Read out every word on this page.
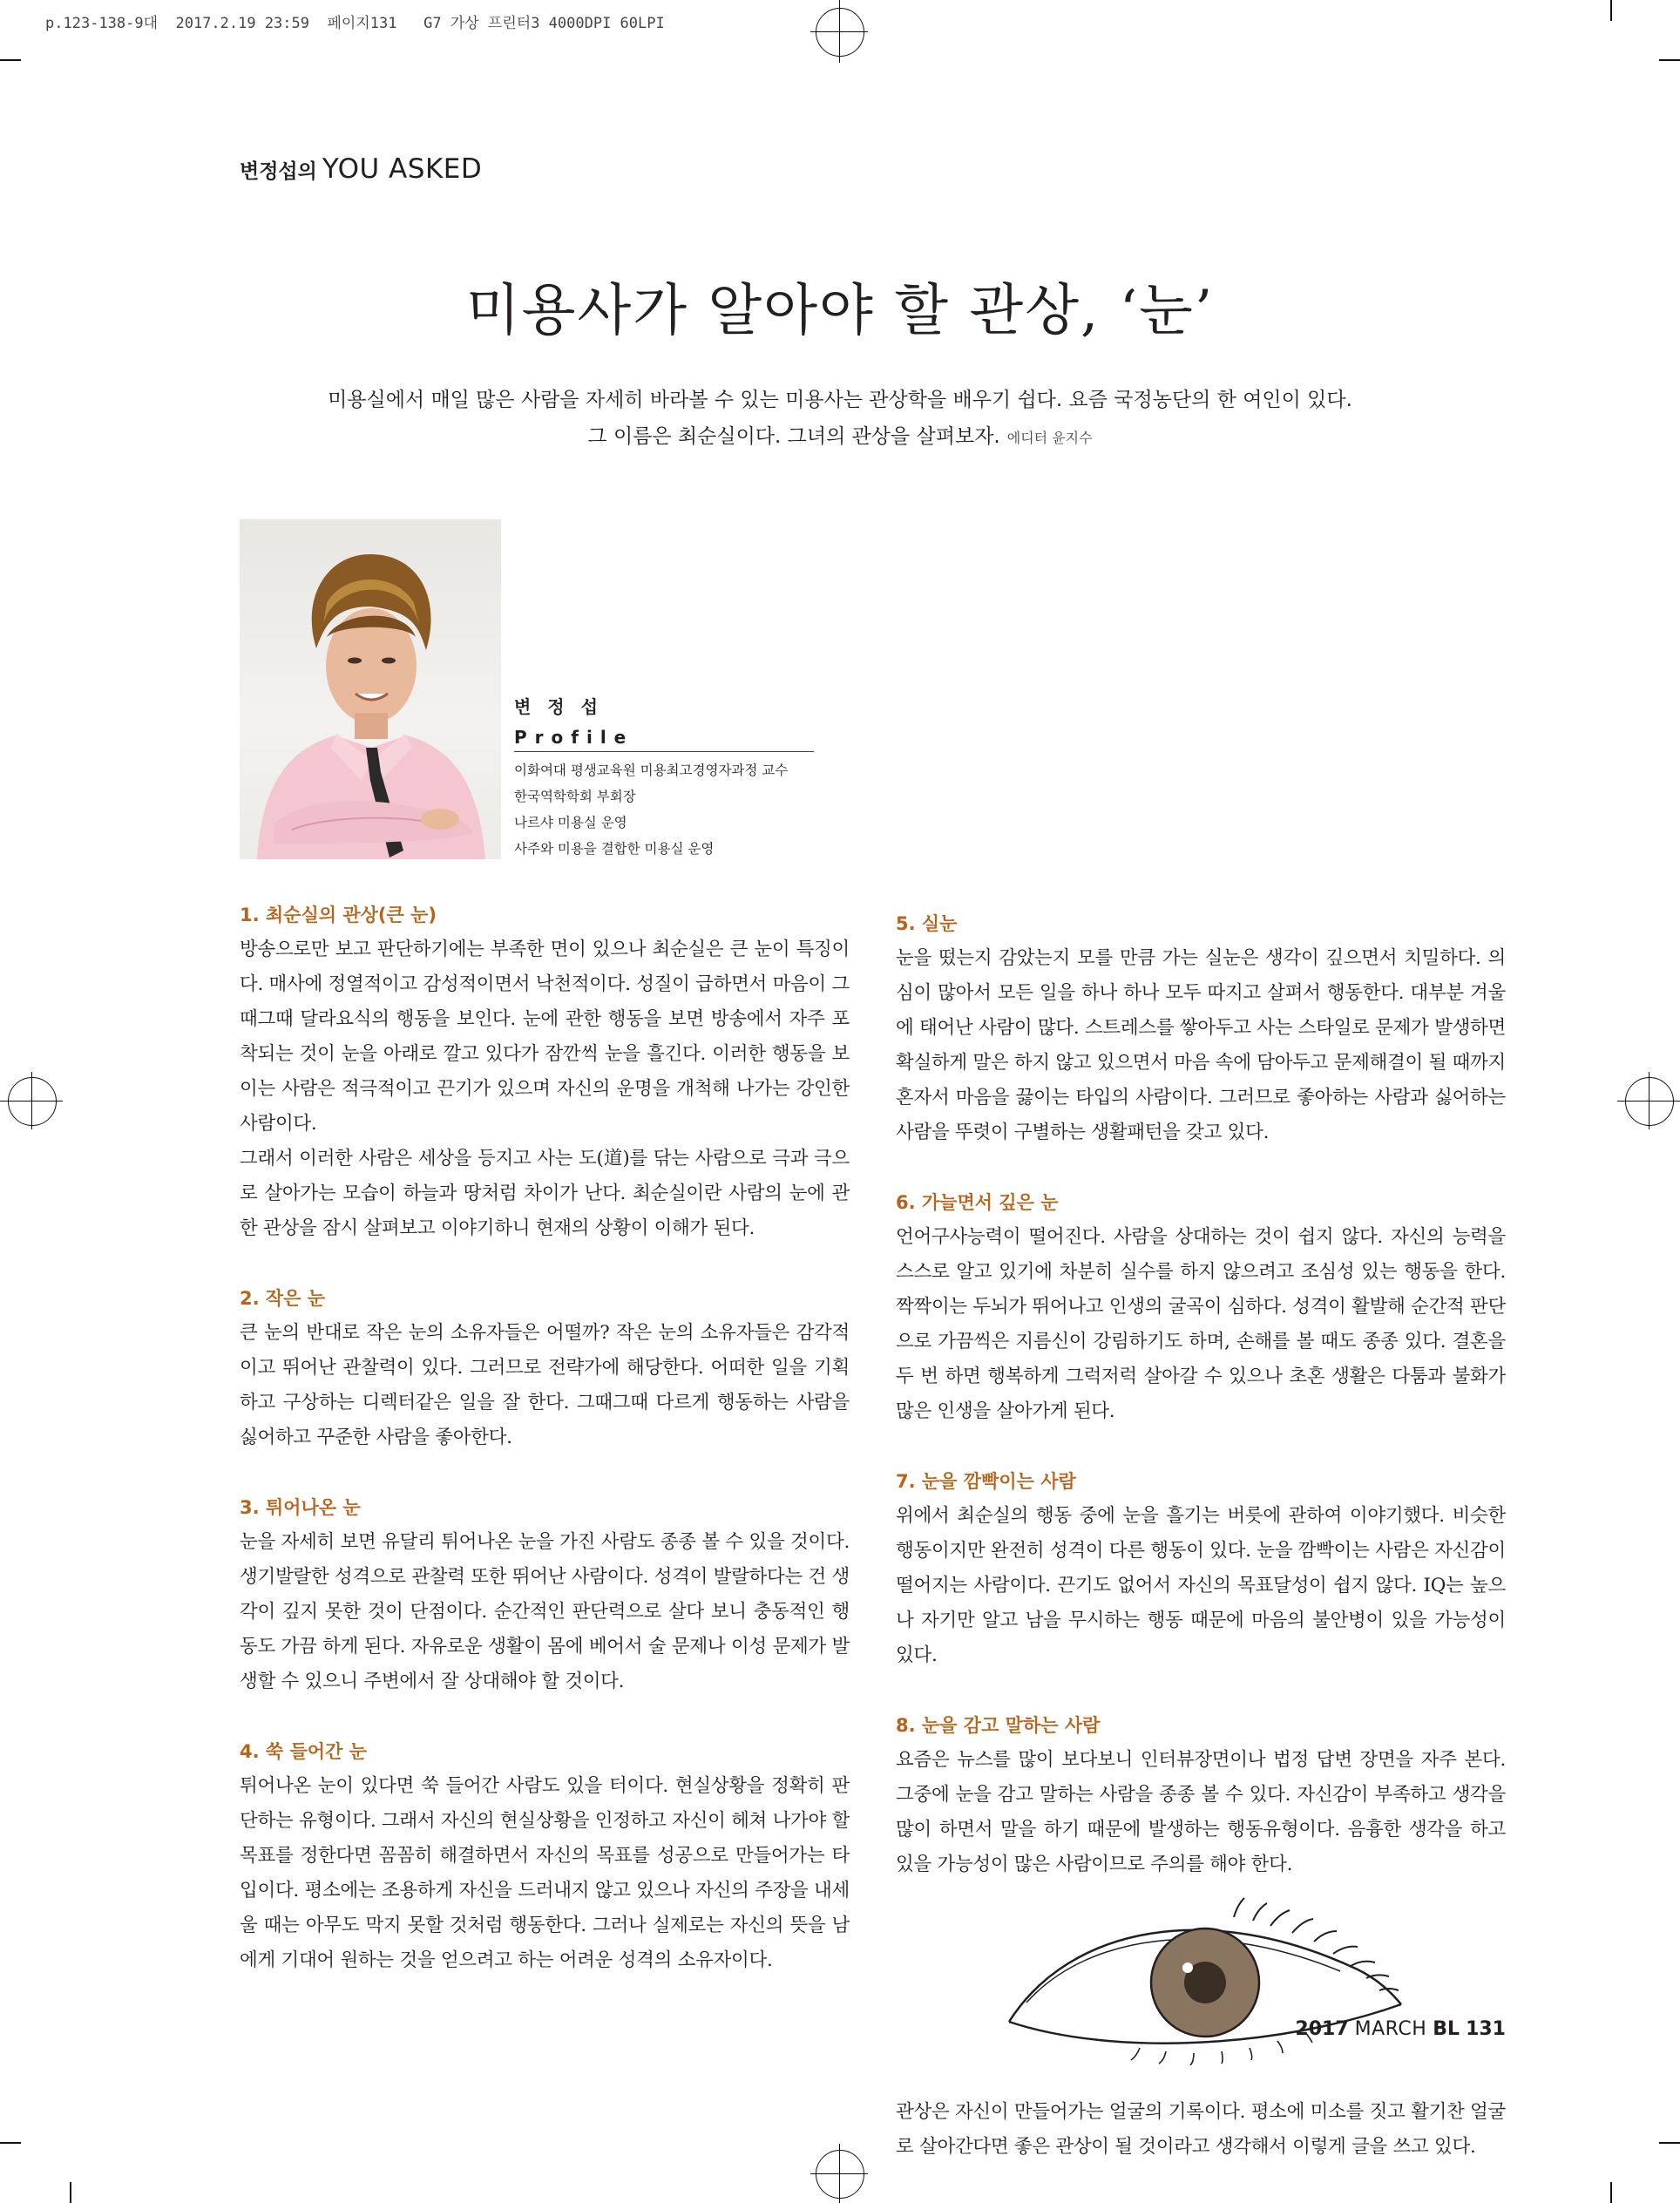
p.123-138-9대  2017.2.19 23:59  페이지131   G7 가상 프린터3 4000DPI 60LPI
변정섭의 YOU ASKED
미용사가 알아야 할 관상, ‘눈’
미용실에서 매일 많은 사람을 자세히 바라볼 수 있는 미용사는 관상학을 배우기 쉽다. 요즘 국정농단의 한 여인이 있다.
그 이름은 최순실이다. 그녀의 관상을 살펴보자. 에디터 윤지수
변 정 섭
Profile
이화여대 평생교육원 미용최고경영자과정 교수
한국역학학회 부회장
나르샤 미용실 운영
사주와 미용을 결합한 미용실 운영
1. 최순실의 관상(큰 눈)

방송으로만 보고 판단하기에는 부족한 면이 있으나 최순실은 큰 눈이 특징이다. 매사에 정열적이고 감성적이면서 낙천적이다. 성질이 급하면서 마음이 그때그때 달라요식의 행동을 보인다. 눈에 관한 행동을 보면 방송에서 자주 포착되는 것이 눈을 아래로 깔고 있다가 잠깐씩 눈을 흘긴다. 이러한 행동을 보이는 사람은 적극적이고 끈기가 있으며 자신의 운명을 개척해 나가는 강인한 사람이다.

그래서 이러한 사람은 세상을 등지고 사는 도(道)를 닦는 사람으로 극과 극으로 살아가는 모습이 하늘과 땅처럼 차이가 난다. 최순실이란 사람의 눈에 관한 관상을 잠시 살펴보고 이야기하니 현재의 상황이 이해가 된다.

2. 작은 눈

큰 눈의 반대로 작은 눈의 소유자들은 어떨까? 작은 눈의 소유자들은 감각적이고 뛰어난 관찰력이 있다. 그러므로 전략가에 해당한다. 어떠한 일을 기획하고 구상하는 디렉터같은 일을 잘 한다. 그때그때 다르게 행동하는 사람을 싫어하고 꾸준한 사람을 좋아한다.

3. 튀어나온 눈

눈을 자세히 보면 유달리 튀어나온 눈을 가진 사람도 종종 볼 수 있을 것이다. 생기발랄한 성격으로 관찰력 또한 뛰어난 사람이다. 성격이 발랄하다는 건 생각이 깊지 못한 것이 단점이다. 순간적인 판단력으로 살다 보니 충동적인 행동도 가끔 하게 된다. 자유로운 생활이 몸에 베어서 술 문제나 이성 문제가 발생할 수 있으니 주변에서 잘 상대해야 할 것이다.

4. 쑥 들어간 눈

튀어나온 눈이 있다면 쑥 들어간 사람도 있을 터이다. 현실상황을 정확히 판단하는 유형이다. 그래서 자신의 현실상황을 인정하고 자신이 헤쳐 나가야 할 목표를 정한다면 꼼꼼히 해결하면서 자신의 목표를 성공으로 만들어가는 타입이다. 평소에는 조용하게 자신을 드러내지 않고 있으나 자신의 주장을 내세울 때는 아무도 막지 못할 것처럼 행동한다. 그러나 실제로는 자신의 뜻을 남에게 기대어 원하는 것을 얻으려고 하는 어려운 성격의 소유자이다.

5. 실눈

눈을 떴는지 감았는지 모를 만큼 가는 실눈은 생각이 깊으면서 치밀하다. 의심이 많아서 모든 일을 하나 하나 모두 따지고 살펴서 행동한다. 대부분 겨울에 태어난 사람이 많다. 스트레스를 쌓아두고 사는 스타일로 문제가 발생하면 확실하게 말은 하지 않고 있으면서 마음 속에 담아두고 문제해결이 될 때까지 혼자서 마음을 끓이는 타입의 사람이다. 그러므로 좋아하는 사람과 싫어하는 사람을 뚜렷이 구별하는 생활패턴을 갖고 있다.

6. 가늘면서 깊은 눈

언어구사능력이 떨어진다. 사람을 상대하는 것이 쉽지 않다. 자신의 능력을 스스로 알고 있기에 차분히 실수를 하지 않으려고 조심성 있는 행동을 한다. 짝짝이는 두뇌가 뛰어나고 인생의 굴곡이 심하다. 성격이 활발해 순간적 판단으로 가끔씩은 지름신이 강림하기도 하며, 손해를 볼 때도 종종 있다. 결혼을 두 번 하면 행복하게 그럭저럭 살아갈 수 있으나 초혼 생활은 다툼과 불화가 많은 인생을 살아가게 된다.

7. 눈을 깜빡이는 사람

위에서 최순실의 행동 중에 눈을 흘기는 버릇에 관하여 이야기했다. 비슷한 행동이지만 완전히 성격이 다른 행동이 있다. 눈을 깜빡이는 사람은 자신감이 떨어지는 사람이다. 끈기도 없어서 자신의 목표달성이 쉽지 않다. IQ는 높으나 자기만 알고 남을 무시하는 행동 때문에 마음의 불안병이 있을 가능성이 있다.

8. 눈을 감고 말하는 사람

요즘은 뉴스를 많이 보다보니 인터뷰장면이나 법정 답변 장면을 자주 본다. 그중에 눈을 감고 말하는 사람을 종종 볼 수 있다. 자신감이 부족하고 생각을 많이 하면서 말을 하기 때문에 발생하는 행동유형이다. 음흉한 생각을 하고 있을 가능성이 많은 사람이므로 주의를 해야 한다.

관상은 자신이 만들어가는 얼굴의 기록이다. 평소에 미소를 짓고 활기찬 얼굴로 살아간다면 좋은 관상이 될 것이라고 생각해서 이렇게 글을 쓰고 있다.

2017 MARCH BL 131
